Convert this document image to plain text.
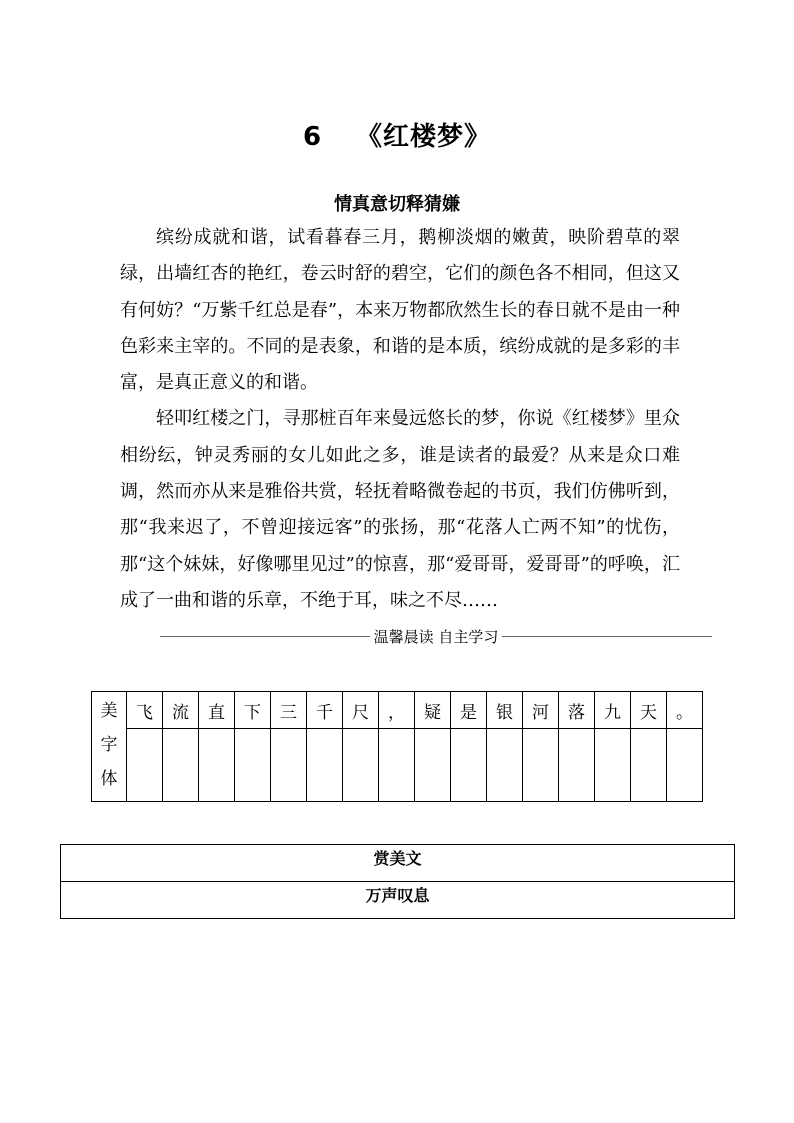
6 《红楼梦》
情真意切释猜嫌

缤纷成就和谐，试看暮春三月，鹅柳淡烟的嫩黄，映阶碧草的翠绿，出墙红杏的艳红，卷云时舒的碧空，它们的颜色各不相同，但这又有何妨？“万紫千红总是春”，本来万物都欣然生长的春日就不是由一种色彩来主宰的。不同的是表象，和谐的是本质，缤纷成就的是多彩的丰富，是真正意义的和谐。

轻叩红楼之门，寻那桩百年来曼远悠长的梦，你说《红楼梦》里众相纷纭，钟灵秀丽的女儿如此之多，谁是读者的最爱？从来是众口难调，然而亦从来是雅俗共赏，轻抚着略微卷起的书页，我们仿佛听到，那“我来迟了，不曾迎接远客”的张扬，那“花落人亡两不知”的忧伤，那“这个妹妹，好像哪里见过”的惊喜，那“爱哥哥，爱哥哥”的呼唤，汇成了一曲和谐的乐章，不绝于耳，味之不尽……

温馨晨读 自主学习
美
字
体	飞	流	直	下	三	千	尺	，	疑	是	银	河	落	九	天	。

赏美文
万声叹息
